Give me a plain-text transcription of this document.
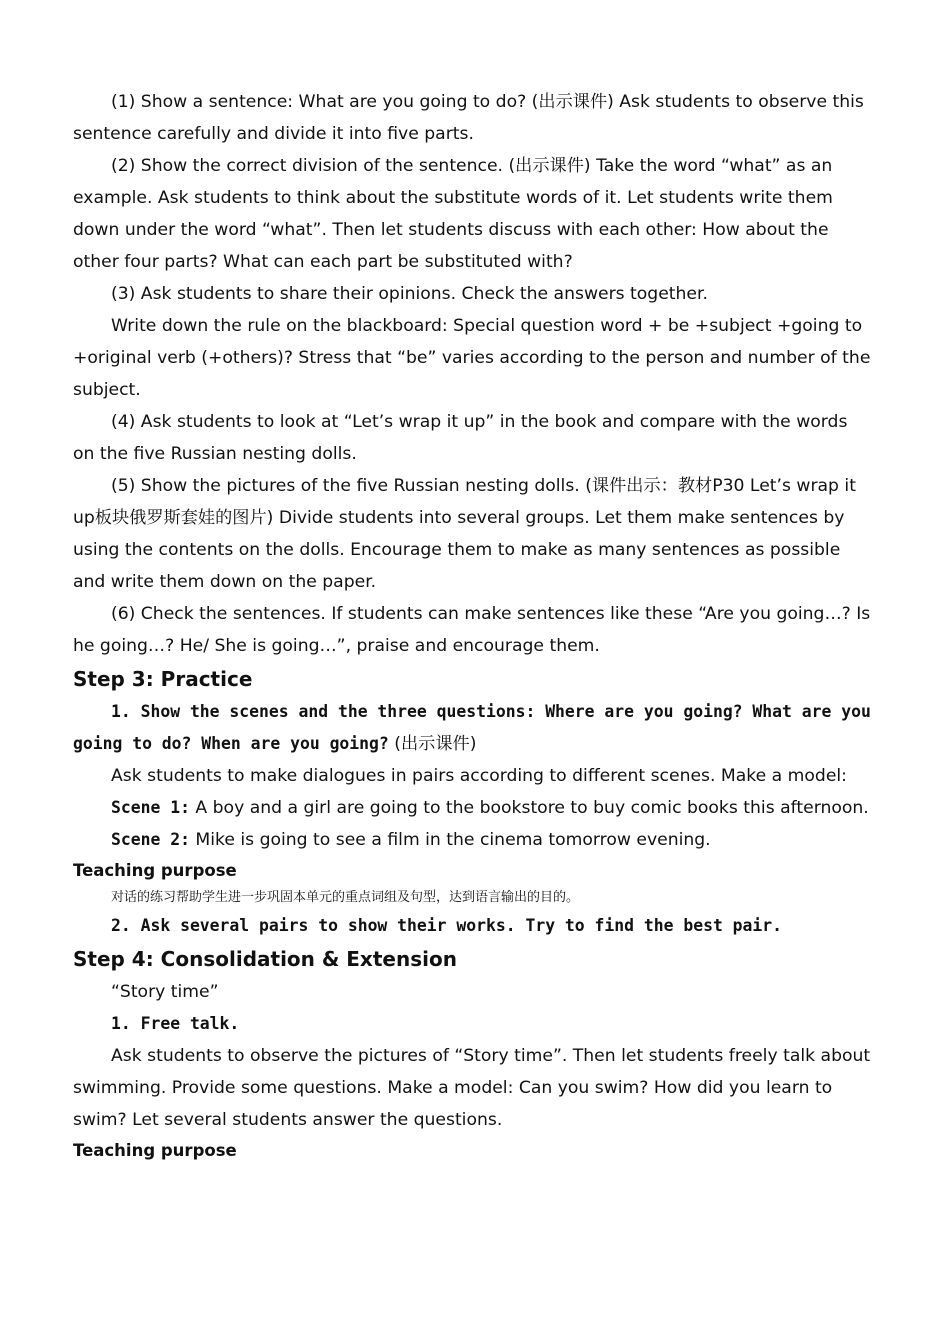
(1) Show a sentence: What are you going to do? (出示课件) Ask students to observe this sentence carefully and divide it into five parts.

(2) Show the correct division of the sentence. (出示课件) Take the word “what” as an example. Ask students to think about the substitute words of it. Let students write them down under the word “what”. Then let students discuss with each other: How about the other four parts? What can each part be substituted with?

(3) Ask students to share their opinions. Check the answers together.

Write down the rule on the blackboard: Special question word + be +subject +going to +original verb (+others)? Stress that “be” varies according to the person and number of the subject.

(4) Ask students to look at “Let’s wrap it up” in the book and compare with the words on the five Russian nesting dolls.

(5) Show the pictures of the five Russian nesting dolls. (课件出示：教材P30 Let’s wrap it up板块俄罗斯套娃的图片) Divide students into several groups. Let them make sentences by using the contents on the dolls. Encourage them to make as many sentences as possible and write them down on the paper.

(6) Check the sentences. If students can make sentences like these “Are you going…? Is he going…? He/ She is going…”, praise and encourage them.

Step 3: Practice

1. Show the scenes and the three questions: Where are you going? What are you going to do? When are you going? (出示课件)

Ask students to make dialogues in pairs according to different scenes. Make a model:

Scene 1: A boy and a girl are going to the bookstore to buy comic books this afternoon.

Scene 2: Mike is going to see a film in the cinema tomorrow evening.

Teaching purpose

对话的练习帮助学生进一步巩固本单元的重点词组及句型，达到语言输出的目的。

2. Ask several pairs to show their works. Try to find the best pair.

Step 4: Consolidation & Extension

“Story time”

1. Free talk.

Ask students to observe the pictures of “Story time”. Then let students freely talk about swimming. Provide some questions. Make a model: Can you swim? How did you learn to swim? Let several students answer the questions.

Teaching purpose
